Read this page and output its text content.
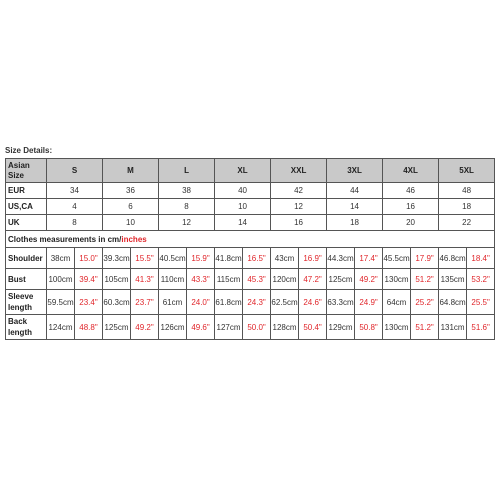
Size Details:
Asian Size	S		M		L		XL		XXL		3XL		4XL		5XL	
EUR	34		36		38		40		42		44		46		48	
US,CA	4		6		8		10		12		14		16		18	
UK	8		10		12		14		16		18		20		22	
Clothes measurements in cm/inches																
Shoulder	38cm	15.0"	39.3cm	15.5"	40.5cm	15.9"	41.8cm	16.5"	43cm	16.9"	44.3cm	17.4"	45.5cm	17.9"	46.8cm	18.4"
Bust	100cm	39.4"	105cm	41.3"	110cm	43.3"	115cm	45.3"	120cm	47.2"	125cm	49.2"	130cm	51.2"	135cm	53.2"
Sleeve length	59.5cm	23.4"	60.3cm	23.7"	61cm	24.0"	61.8cm	24.3"	62.5cm	24.6"	63.3cm	24.9"	64cm	25.2"	64.8cm	25.5"
Back length	124cm	48.8"	125cm	49.2"	126cm	49.6"	127cm	50.0"	128cm	50.4"	129cm	50.8"	130cm	51.2"	131cm	51.6"
